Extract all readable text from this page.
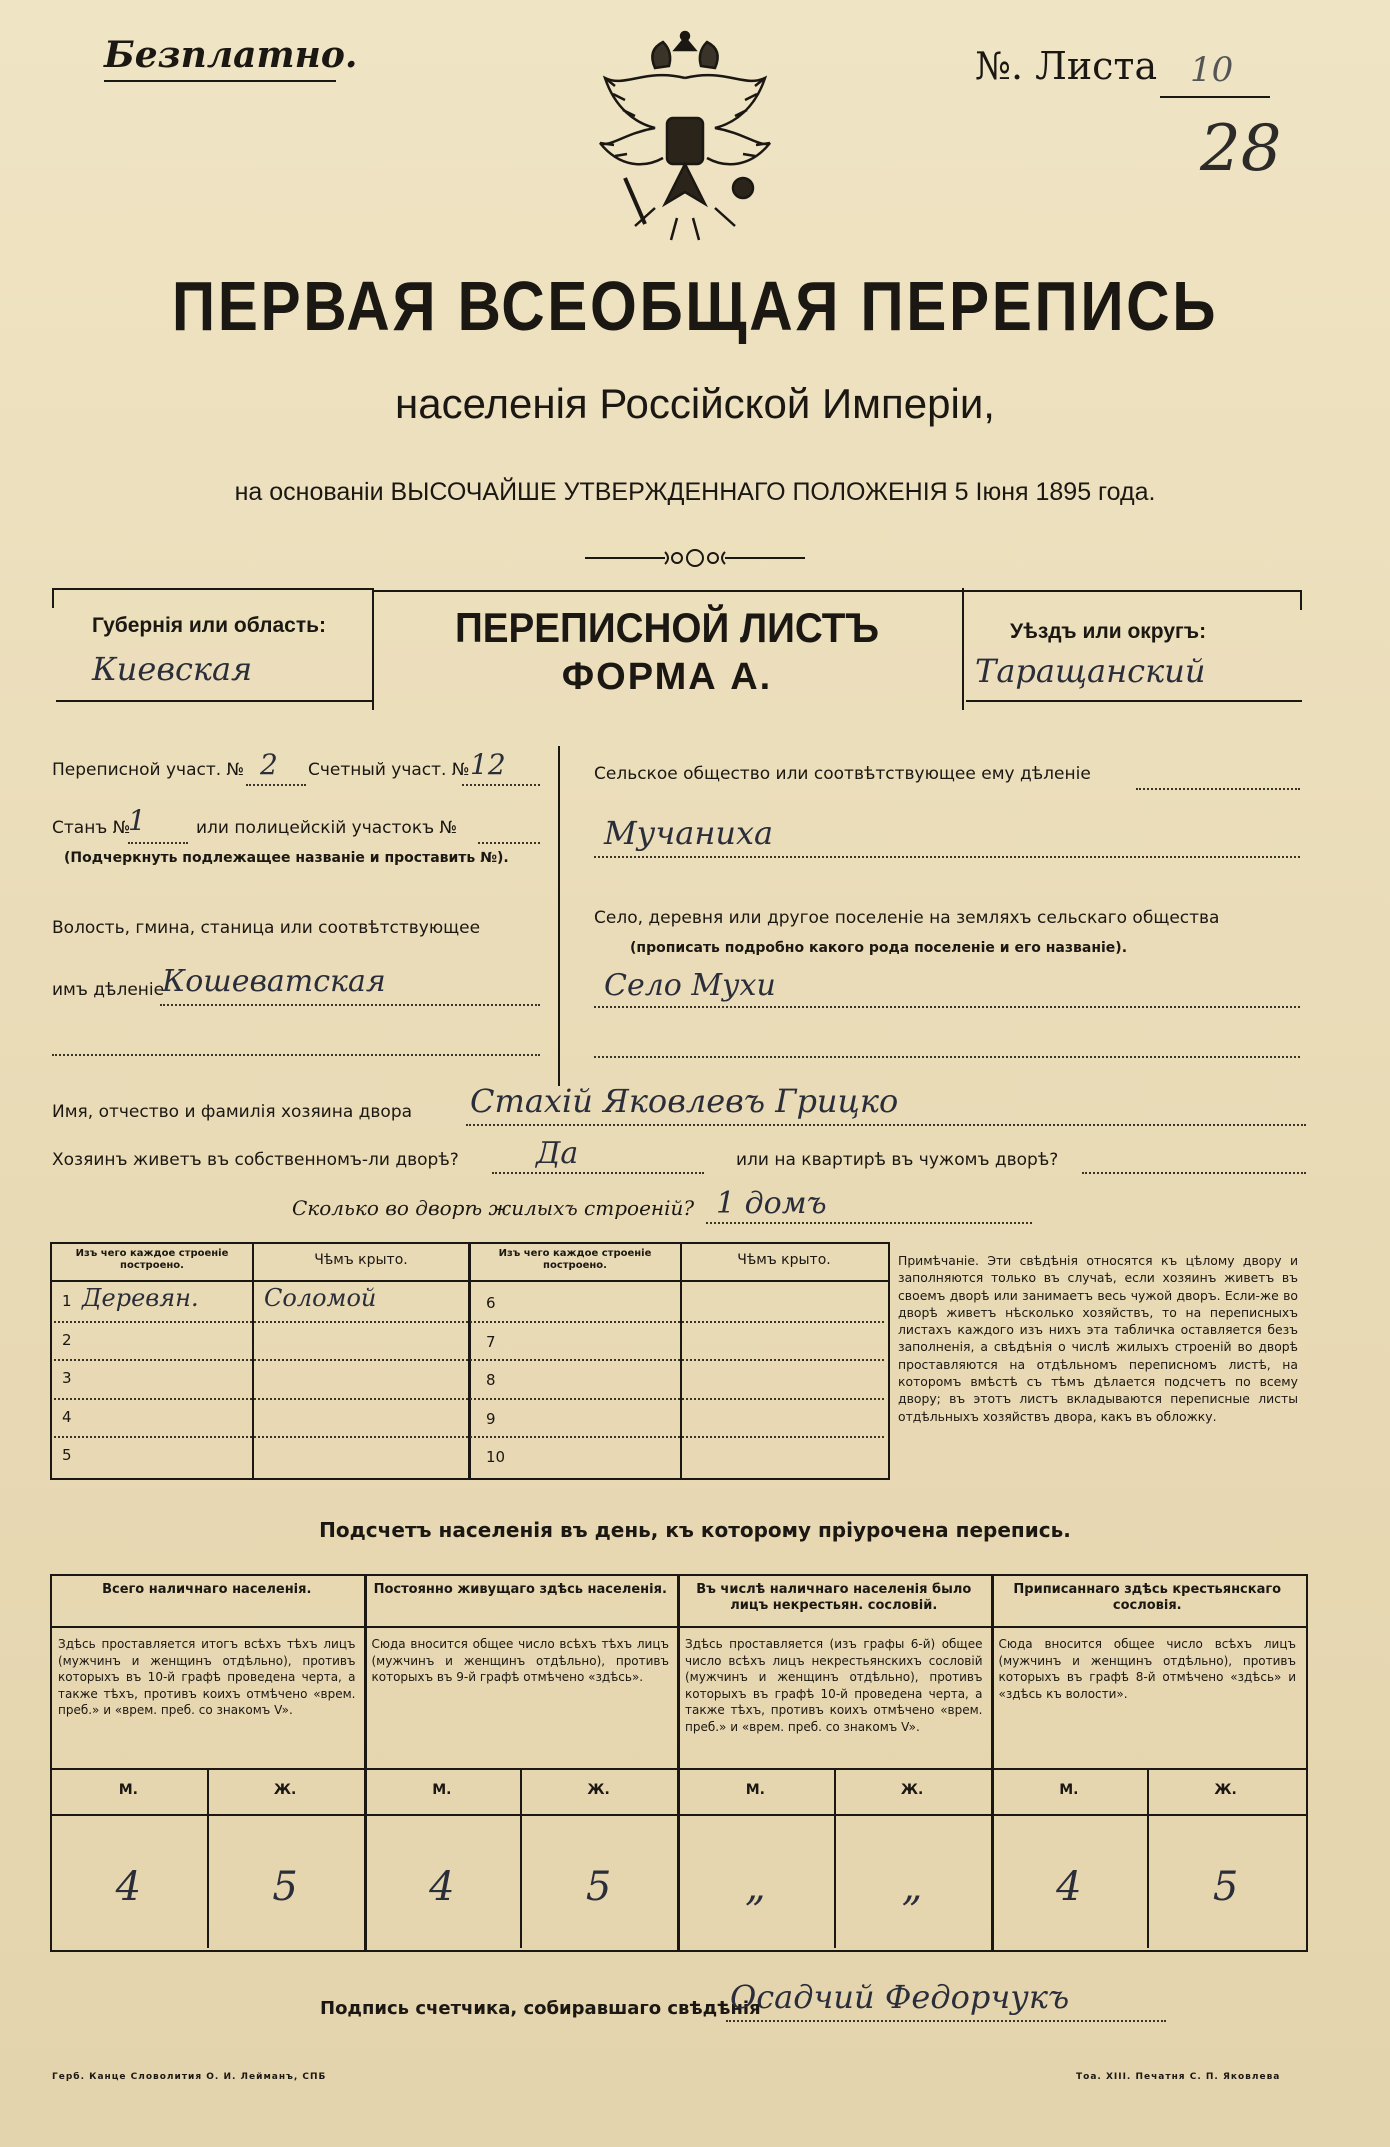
Безплатно.	№. Листа 10
28
ПЕРВАЯ ВСЕОБЩАЯ ПЕРЕПИСЬ
населенія Россійской Имперіи,
на основаніи ВЫСОЧАЙШЕ УТВЕРЖДЕННАГО ПОЛОЖЕНІЯ 5 Іюня 1895 года.
Губернія или область:
Киевская
ПЕРЕПИСНОЙ ЛИСТЪ
ФОРМА А.
Уѣздъ или округъ:
Таращанский
Переписной участ. № 2 Счетный участ. № 12
Станъ №
1	или полицейскій участокъ №
(Подчеркнуть подлежащее названіе и проставить №).
Волость, гмина, станица или соотвѣтствующее
имъ дѣленіе
Кошеватская
Сельское общество или соотвѣтствующее ему дѣленіе
Мучаниха
Село, деревня или другое поселеніе на земляхъ сельскаго общества
(прописать подробно какого рода поселеніе и его названіе).
Село Мухи
Имя, отчество и фамилія хозяина двора Стахій Яковлевъ Грицко
Хозяинъ живетъ въ собственномъ-ли дворѣ?	Да	или на квартирѣ въ чужомъ дворѣ?
Сколько во дворѣ жилыхъ строеній? 1 домъ
Изъ чего каждое строеніе построено.	Чѣмъ крыто.	Изъ чего каждое строеніе построено.	Чѣмъ крыто.
1 Деревян.	Соломой
2
3
4
5
6
7
8
9
10
Примѣчаніе. Эти свѣдѣнія относятся къ цѣлому двору и заполняются только въ случаѣ, если хозяинъ живетъ въ своемъ дворѣ или занимаетъ весь чужой дворъ. Если-же во дворѣ живетъ нѣсколько хозяйствъ, то на переписныхъ листахъ каждого изъ нихъ эта табличка оставляется безъ заполненія, а свѣдѣнія о числѣ жилыхъ строеній во дворѣ проставляются на отдѣльномъ переписномъ листѣ, на которомъ вмѣстѣ съ тѣмъ дѣлается подсчетъ по всему двору; въ этотъ листъ вкладываются переписные листы отдѣльныхъ хозяйствъ двора, какъ въ обложку.
Подсчетъ населенія въ день, къ которому пріурочена перепись.
Всего наличнаго населенія.
Здѣсь проставляется итогъ всѣхъ тѣхъ лицъ (мужчинъ и женщинъ отдѣльно), противъ которыхъ въ 10-й графѣ проведена черта, а также тѣхъ, противъ коихъ отмѣчено «врем. преб.» и «врем. преб. со знакомъ V».
М.	Ж.
4	5
Постоянно живущаго здѣсь населенія.
Сюда вносится общее число всѣхъ тѣхъ лицъ (мужчинъ и женщинъ отдѣльно), противъ которыхъ въ 9-й графѣ отмѣчено «здѣсь».
М.	Ж.
4	5
Въ числѣ наличнаго населенія было лицъ некрестьян. сословій.
Здѣсь проставляется (изъ графы 6-й) общее число всѣхъ лицъ некрестьянскихъ сословій (мужчинъ и женщинъ отдѣльно), противъ которыхъ въ графѣ 10-й проведена черта, а также тѣхъ, противъ коихъ отмѣчено «врем. преб.» и «врем. преб. со знакомъ V».
М.	Ж.
„	„
Приписаннаго здѣсь крестьянскаго сословія.
Сюда вносится общее число всѣхъ лицъ (мужчинъ и женщинъ отдѣльно), противъ которыхъ въ графѣ 8-й отмѣчено «здѣсь» и «здѣсь къ волости».
М.	Ж.
4	5
Подпись счетчика, собиравшаго свѣдѣнія
Осадчий Федорчукъ
Герб. Канце Словолития О. И. Лейманъ, СПБ	Тоа. XIII. Печатня С. П. Яковлева
